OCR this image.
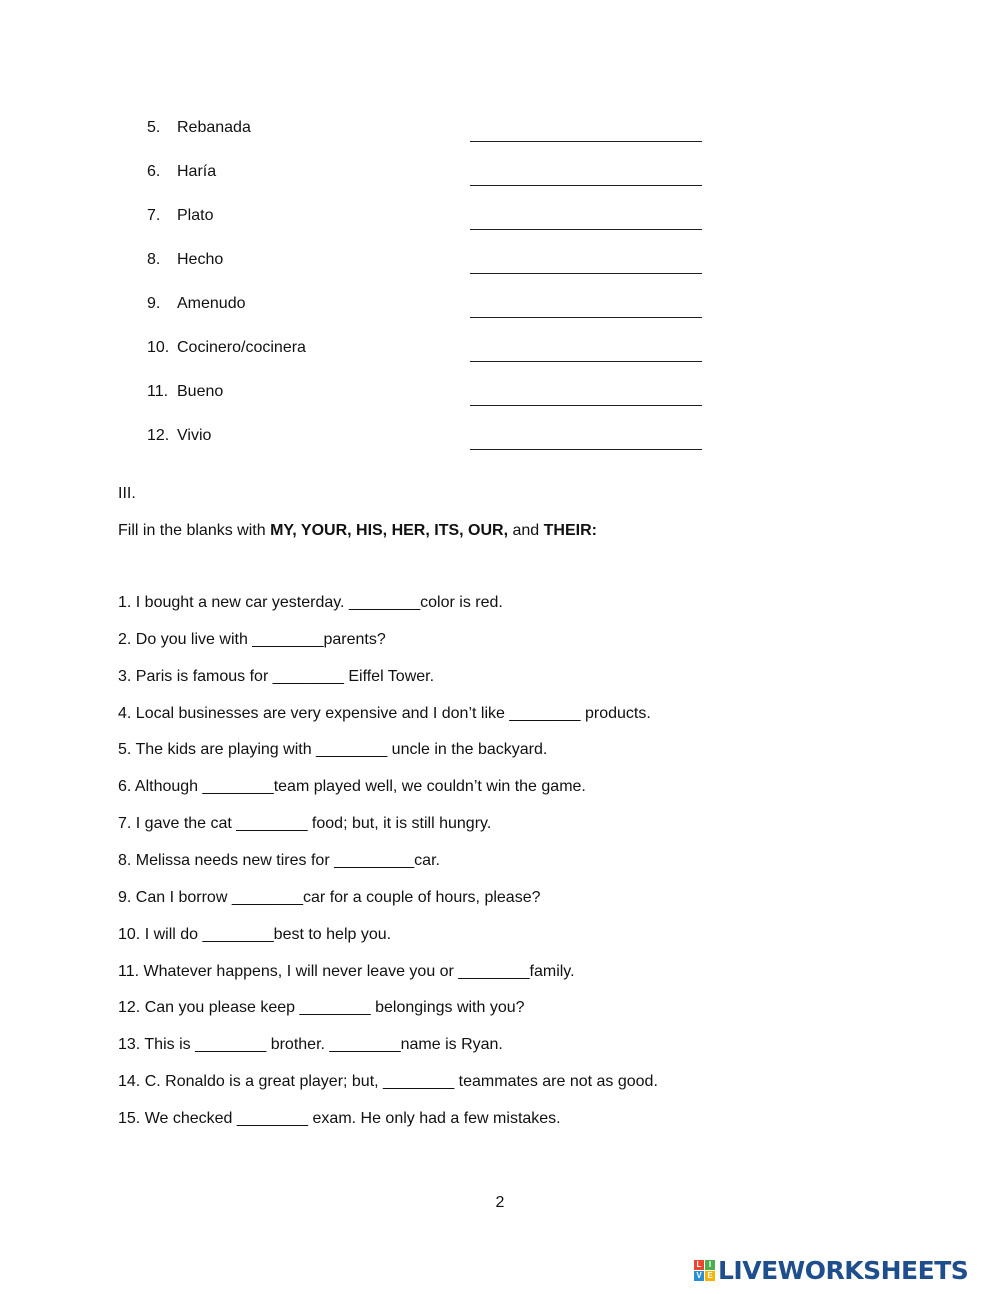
5.	Rebanada
6.	Haría
7.	Plato
8.	Hecho
9.	Amenudo
10. Cocinero/cocinera
11. Bueno
12. Vivio
III.
Fill in the blanks with MY, YOUR, HIS, HER, ITS, OUR, and THEIR:
1. I bought a new car yesterday. ________color is red.
2. Do you live with ________parents?
3. Paris is famous for ________ Eiffel Tower.
4. Local businesses are very expensive and I don’t like ________ products.
5. The kids are playing with ________ uncle in the backyard.
6. Although ________team played well, we couldn’t win the game.
7. I gave the cat ________ food; but, it is still hungry.
8. Melissa needs new tires for _________car.
9. Can I borrow ________car for a couple of hours, please?
10. I will do ________best to help you.
11. Whatever happens, I will never leave you or ________family.
12. Can you please keep ________ belongings with you?
13. This is ________ brother. ________name is Ryan.
14. C. Ronaldo is a great player; but, ________ teammates are not as good.
15. We checked ________ exam. He only had a few mistakes.
2
L I
V E LIVEWORKSHEETS
